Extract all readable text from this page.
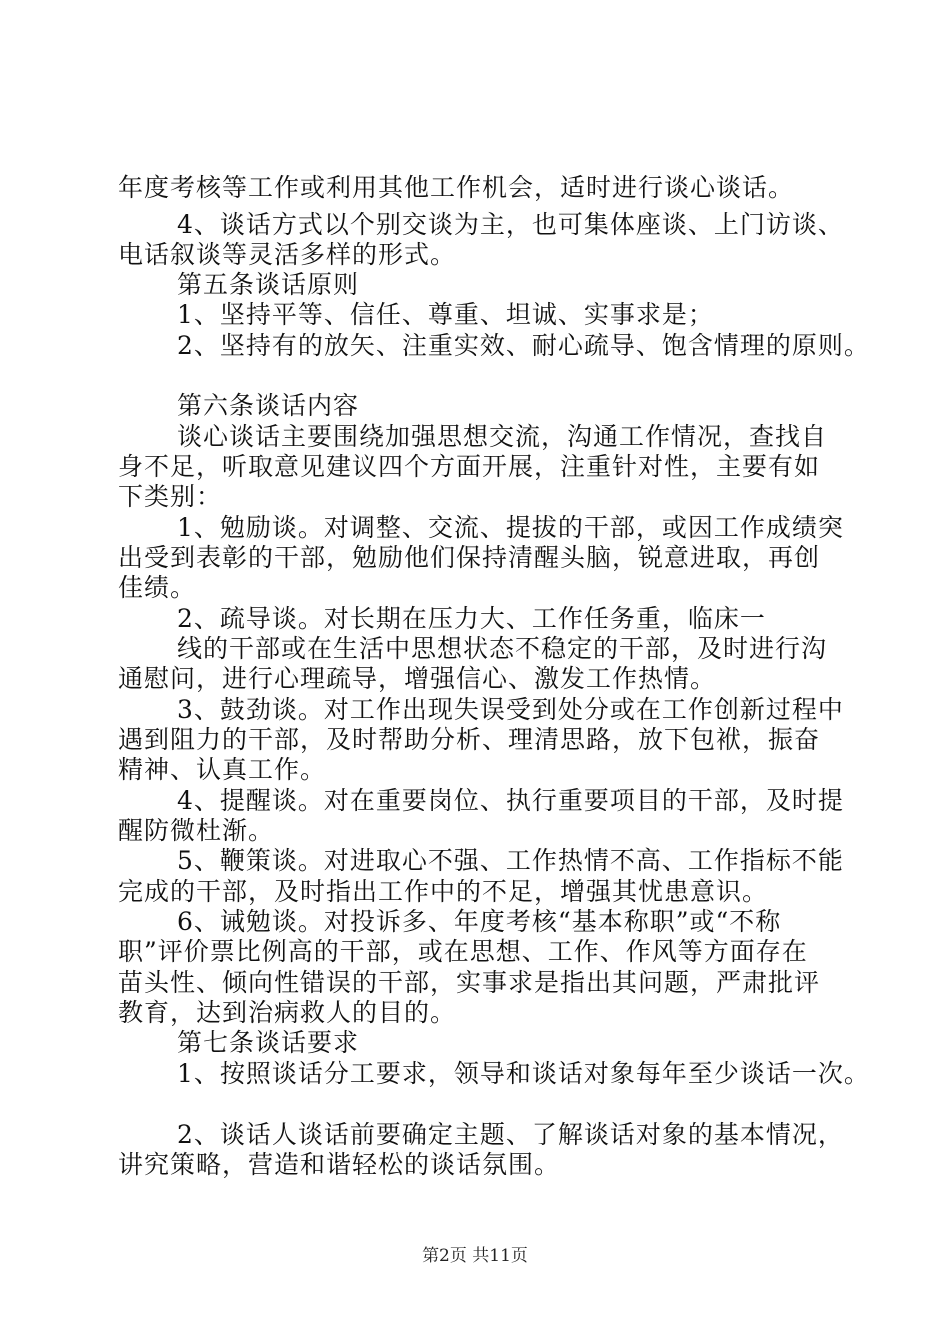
年度考核等工作或利用其他工作机会，适时进行谈心谈话。
4、谈话方式以个别交谈为主，也可集体座谈、上门访谈、
电话叙谈等灵活多样的形式。
第五条谈话原则
1、坚持平等、信任、尊重、坦诚、实事求是；
2、坚持有的放矢、注重实效、耐心疏导、饱含情理的原则。
第六条谈话内容
谈心谈话主要围绕加强思想交流，沟通工作情况，查找自
身不足，听取意见建议四个方面开展，注重针对性，主要有如
下类别：
1、勉励谈。对调整、交流、提拔的干部，或因工作成绩突
出受到表彰的干部，勉励他们保持清醒头脑，锐意进取，再创
佳绩。
2、疏导谈。对长期在压力大、工作任务重，临床一
线的干部或在生活中思想状态不稳定的干部，及时进行沟
通慰问，进行心理疏导，增强信心、激发工作热情。
3、鼓劲谈。对工作出现失误受到处分或在工作创新过程中
遇到阻力的干部，及时帮助分析、理清思路，放下包袱，振奋
精神、认真工作。
4、提醒谈。对在重要岗位、执行重要项目的干部，及时提
醒防微杜渐。
5、鞭策谈。对进取心不强、工作热情不高、工作指标不能
完成的干部，及时指出工作中的不足，增强其忧患意识。
6、诫勉谈。对投诉多、年度考核“基本称职”或“不称
职”评价票比例高的干部，或在思想、工作、作风等方面存在
苗头性、倾向性错误的干部，实事求是指出其问题，严肃批评
教育，达到治病救人的目的。
第七条谈话要求
1、按照谈话分工要求，领导和谈话对象每年至少谈话一次。
2、谈话人谈话前要确定主题、了解谈话对象的基本情况，
讲究策略，营造和谐轻松的谈话氛围。
第2页 共11页
